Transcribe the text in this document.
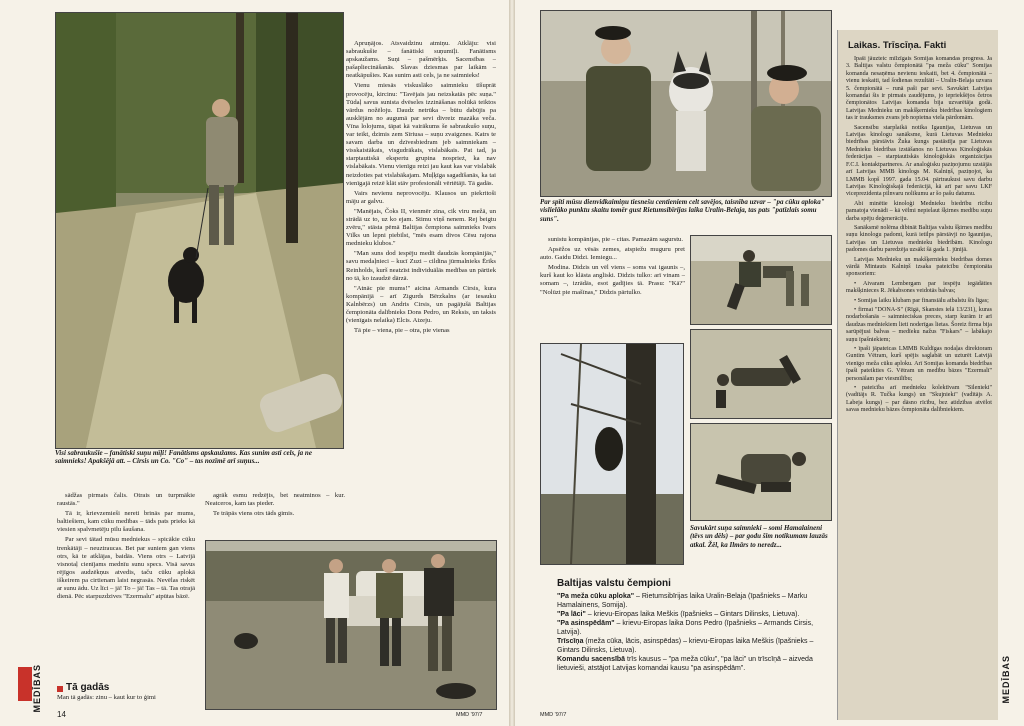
Visi sabraukušie – fanātiski suņu mīļi! Fanātisms apskaužams. Kas sunim asti cels, ja ne saimnieks! Apakšējā att. – Cirsis un Co. "Co" – tas nozīmē arī suņus...

Apruņājos. Atsvaidzinu atmiņu. Atklāju: visi sabraukušie – fanātiski suņumīļi. Fanātisms apskaužams. Suņi – pašmērķis. Sacensības – pašapliecināšanās. Slavas dziesmas par laikām – neatkāpušies. Kas sunim asti cels, ja ne saimnieks!

Vienu miesās viskusläko saimnieku tīšuprāt provocēju, kircinu: "Tavējais jau neizskatās pēc suņa." Tūdaļ savus sunista dvēseles izzināšanas nolūkā teiktos vārdus nožēloju. Daudz netrūka – būtu dabūjis pa ausklējām no augumā par sevi divreiz mazāka veča. Vīna lolojums, tāpat kā vairākums še sabraukušo suņu, var teikt, dzimis zem Sīriusa – suņu zvaigznes. Katrs te savam darba un dzīvesbiedram jeb saimniekam – visskaistākais, visgudrākais, vislabākais. Pat tad, ja starptautiskā ekspertu grupina nosprież, ka nav vislabākais. Vienu vienīgu reizi jau kaut kas var vislabāk neizdoties pat vislabākajam. Muļķīga sagadīšanās, ka tai vienīgajā reizē klāt stāv profesionāli vērtētāji. Tā gadās.

Vairs nevienu neprovocēju. Klausos un piekritoši māju ar galvu.

"Manējais, Čoks II, vienmēr zina, cik viru mežā, un strādā uz to, uz ko ejam. Stimu viņš nenem. Rej beigtu zvēru," stāsta pēmā Baltijas čempiona saimnieks Ivars Vilks un lepni piebilst, "mēs esam divos Cēsu rajona mednieku klubos."

"Man suns dod iespēju medīt daudzās kompānijās," savu medaļnieci – kucī Zuzi – cildina jūrmalnieks Ēriks Reinholds, kurš neatzīst individuālās medības un pārtiek no tā, ko izaudzē dārzā.

"Atnāc pie mums!" aicina Armands Cirsis, kura kompānijā – arī Zigurds Bērzkalns (ar iesauku Kalnbērzs) un Andris Cirsis, un pagājušā Baltijas čempionāta dalībnieks Dons Pedro, un Reksis, un taksis (vienīgais nelaika) Elcis. Aizeju.

Tā pie – viena, pie – otra, pie vienas

sādžas pirmais čalis. Otrais un turpmākie raustās."

Tā ir, krievzemieši nereti brinās par mums, baltiešiem, kam cūku medības – tāds pats prieks kā viesien spalvmetēju pilu šaušana.

Par sevi tātad mūsu medniekus – spicākie cūku trenkātāji – neuztraucas. Bet par suniem gan viens otrs, kā te atklājas, baidās. Viens otrs – Latvijā visnotaļ cienījams mednīu sunu specs. Visā savus rējīgos audzēkņus atvedis, taču cūku aplokā iškeirem pa cirtienam laist negrasās. Nevēlas riskēt ar sunu ādu. Uz līci – jā! To – jā! Tas – tā. Tas otrajā dienā. Pēc starpuzdzives "Ezermalu" atpūtas bāzē.

agrāk esmu redzējis, bet neatminos – kur. Neatceros, kam tas pieder.

Te trāpās viens otrs tāds gimis.

MEDĪBAS Tā gadās
Man tā gadās: zinu – kaut kur to ģimi
14	MMD '97/7
Par spīti mūsu dienvidkaimiņu tiesnešu centieniem celt savējos, taisnība uzvar – "pa cūku aploka" vislielāko punktu skaitu tomēr gust Rietumsibīrijas laika Uralin-Belaja, tas pats "patīzlais somu suns".

sunistu kompānijas, pie – citas. Pamazām sagurstu.

Apsēžos uz vēsās zemes, atspiežu muguru pret auto. Gaidu Didzi. Iemiegu...

Modina. Didzis un vēl viens – soms vai igaunis –, kurš kaut ko klāsta angliski. Didzis tulko: arī vinam – somam –, izrādās, esot gadījies tā. Prasu: "Kā?" "Nolūzt pie mašīnas," Didzis pārtulko.

Savukārt suņa saimnieki – somi Hamalaineni (tēvs un dēls) – par godu šim notikumam lauzās atkal. Žēl, ka Ilmārs to neredz...
Baltijas valstu čempioni

"Pa meža cūku aploka" – Rietumsibīrijas laika Uralin-Belaja (īpašnieks – Marku Hamalainens, Somija).

"Pa lāci" – krievu-Eiropas laika Meškis (īpašnieks – Gintars Dilinsks, Lietuva).

"Pa asinspēdām" – krievu-Eiropas laika Dons Pedro (īpašnieks – Armands Cirsis, Latvija).

Trīscīņa (meža cūka, lācis, asinspēdas) – krievu-Eiropas laika Meškis (īpašnieks – Gintars Dilinsks, Lietuva).

Komandu sacensībā trīs kausus – "pa meža cūku", "pa lāci" un trīscīņā – aizveda lietuvieši, atstājot Latvijas komandai kausu "pa asinspēdām".

MMD '97/7
Laikas. Trīscīņa. Fakti

Īpaši jāuzteic mīlzīgais Somijas komandas progress. Ja 3. Baltijas valstu čempionātā "pa meža cūku" Somijas komanda nesaņēma nevienu ieskaiti, bet 4. čempionātā – vienu ieskaiti, tad šodienas rezultāti – Uralin-Belaja uzvara 5. čempionātā – runā paši par sevi. Savukārt Latvijas komandai šis ir pirmais zaudējums, jo iepriekšējos četros čempionātos Latvijas komanda bija uzvarētāja godā. Latvijas Mednieku un makšķernieku biedrības kinologiem tas ir trauksmes zvans jeb nopietna viela pārdomām.

Sacensību starplaikā notika Igaunijas, Lietuvas un Latvijas kinologu sanāksme, kurā Lietuvas Mednieku biedrības pārstāvis Žuka kungs pastāstīja par Lietuvas Mednieku biedrības izstāšanos no Lietuvas Kinoloģiskās federācijas – starptautiskās kinoloģiskās organizācijas F.C.I. kontaktpartneres. Ar analoģisku paziņojumu uzstājās arī Latvijas MMB kinologs M. Kalniņš, paziņojot, ka LMMB kopš 1997. gada 15.04. pārtraukusi savu darbu Latvijas Kinoloģiskajā federācijā, kā arī par savu LKF viceprezidenta pilnvaru nolikumu ar šo pašu datumu.

Abi minētie kinoloģi Mednieku biedrību rīcību pamatoja vienādi – kā vēlmi nepielaut šķirnes medību suņu darba spēju deģenerāciju.

Sanāksmē nolēma dibināt Baltijas valstu šķirnes medību suņu kinologu padomi, kurā ietilps pārstāvji no Igaunijas, Latvijas un Lietuvas mednieku biedrībām. Kinologu padomes darbu paredzēja uzsākt šā gada 1. jūnijā.

Latvijas Mednieku un makšķernieku biedrības domes vārdā Mintauts Kalniņš izsaka pateicību čempionāta sponsoriem:

• Aivaram Lembergam par iespēju iegādāties makšķinieces R. Jēkabsones veidotās balvas;

• Somijas laiku klubam par finansiālu atbalstu šīs līgas;

• firmai "DONA-S" (Rīgā, Skanstes ielā 13/231), kuras nodarbošanās – saimnieciskas preces, starp kurām ir arī daudzas medniekiem lieti noderīgas lietas. Šoreiz firma bija sarūpējusi balvas – medīeku nažus "Fiskars" – labākajo suņu īpašniekiem;

• īpaši jāpateicas LMMB Kuldīgas nodaļas direktoram Guntim Vētram, kurš spējis saglabāt un uzturēt Latvijā vienīgo meža cūku aploku. Arī Somijas komanda biedrības īpaši pateikties G. Vētram un medību bāzes "Ezermalī" personālam par viesmīlību;

• pateicība arī mednieku kolektīvam "Silenieki" (vadītājs R. Tučka kungs) un "Skujnieki" (vadītājs A. Labeja kungs) – par dāsno rīcību, bez atidzības atvēlot savas mednieku bāzes čempionāta dalībniekiem.

MEDĪBAS
